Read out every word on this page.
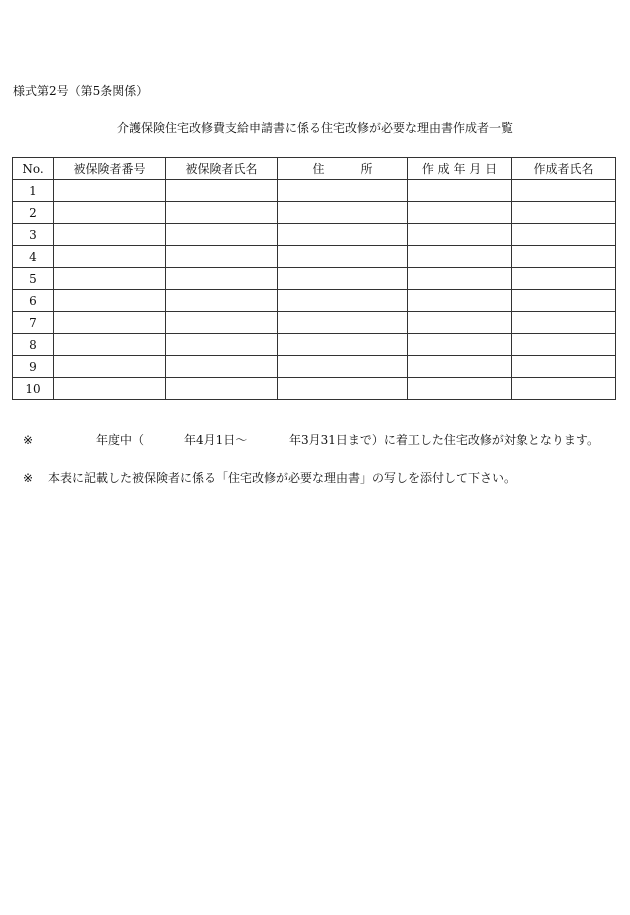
様式第2号（第5条関係）
介護保険住宅改修費支給申請書に係る住宅改修が必要な理由書作成者一覧
No.	被保険者番号	被保険者氏名	住　　　所	作 成 年 月 日	作成者氏名
1					
2					
3					
4					
5					
6					
7					
8					
9					
10					
※	年度中（	年4月1日～	年3月31日まで）に着工した住宅改修が対象となります。
※ 本表に記載した被保険者に係る「住宅改修が必要な理由書」の写しを添付して下さい。
